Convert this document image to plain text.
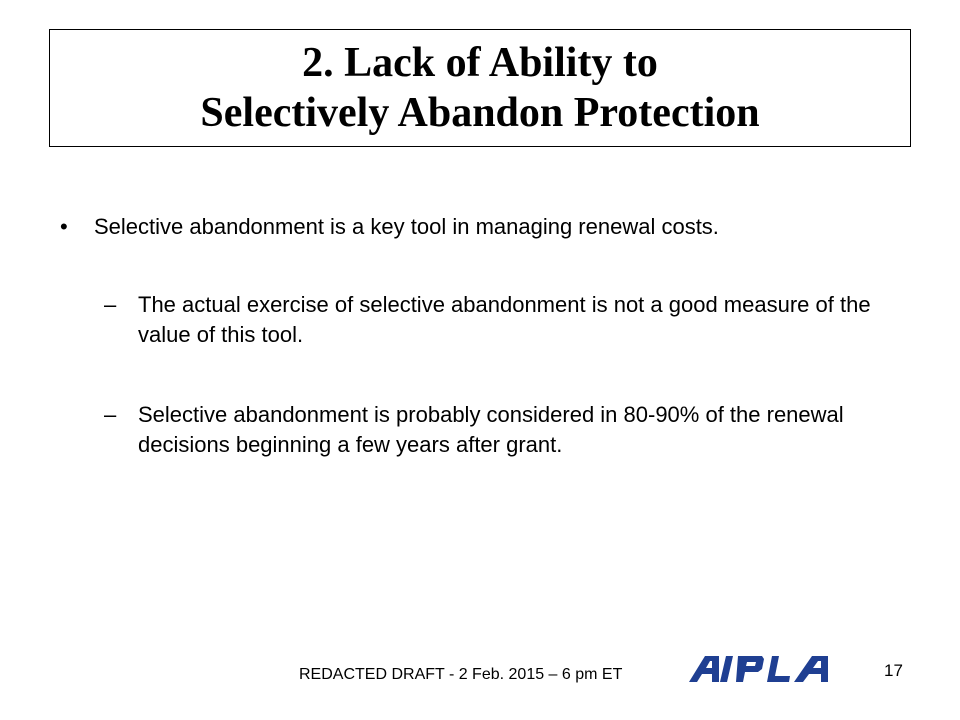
2. Lack of Ability to
Selectively Abandon Protection
• Selective abandonment is a key tool in managing renewal costs.
– The actual exercise of selective abandonment is not a good measure of the value of this tool.
– Selective abandonment is probably considered in 80-90% of the renewal decisions beginning a few years after grant.
REDACTED DRAFT - 2 Feb. 2015 – 6 pm ET	17
